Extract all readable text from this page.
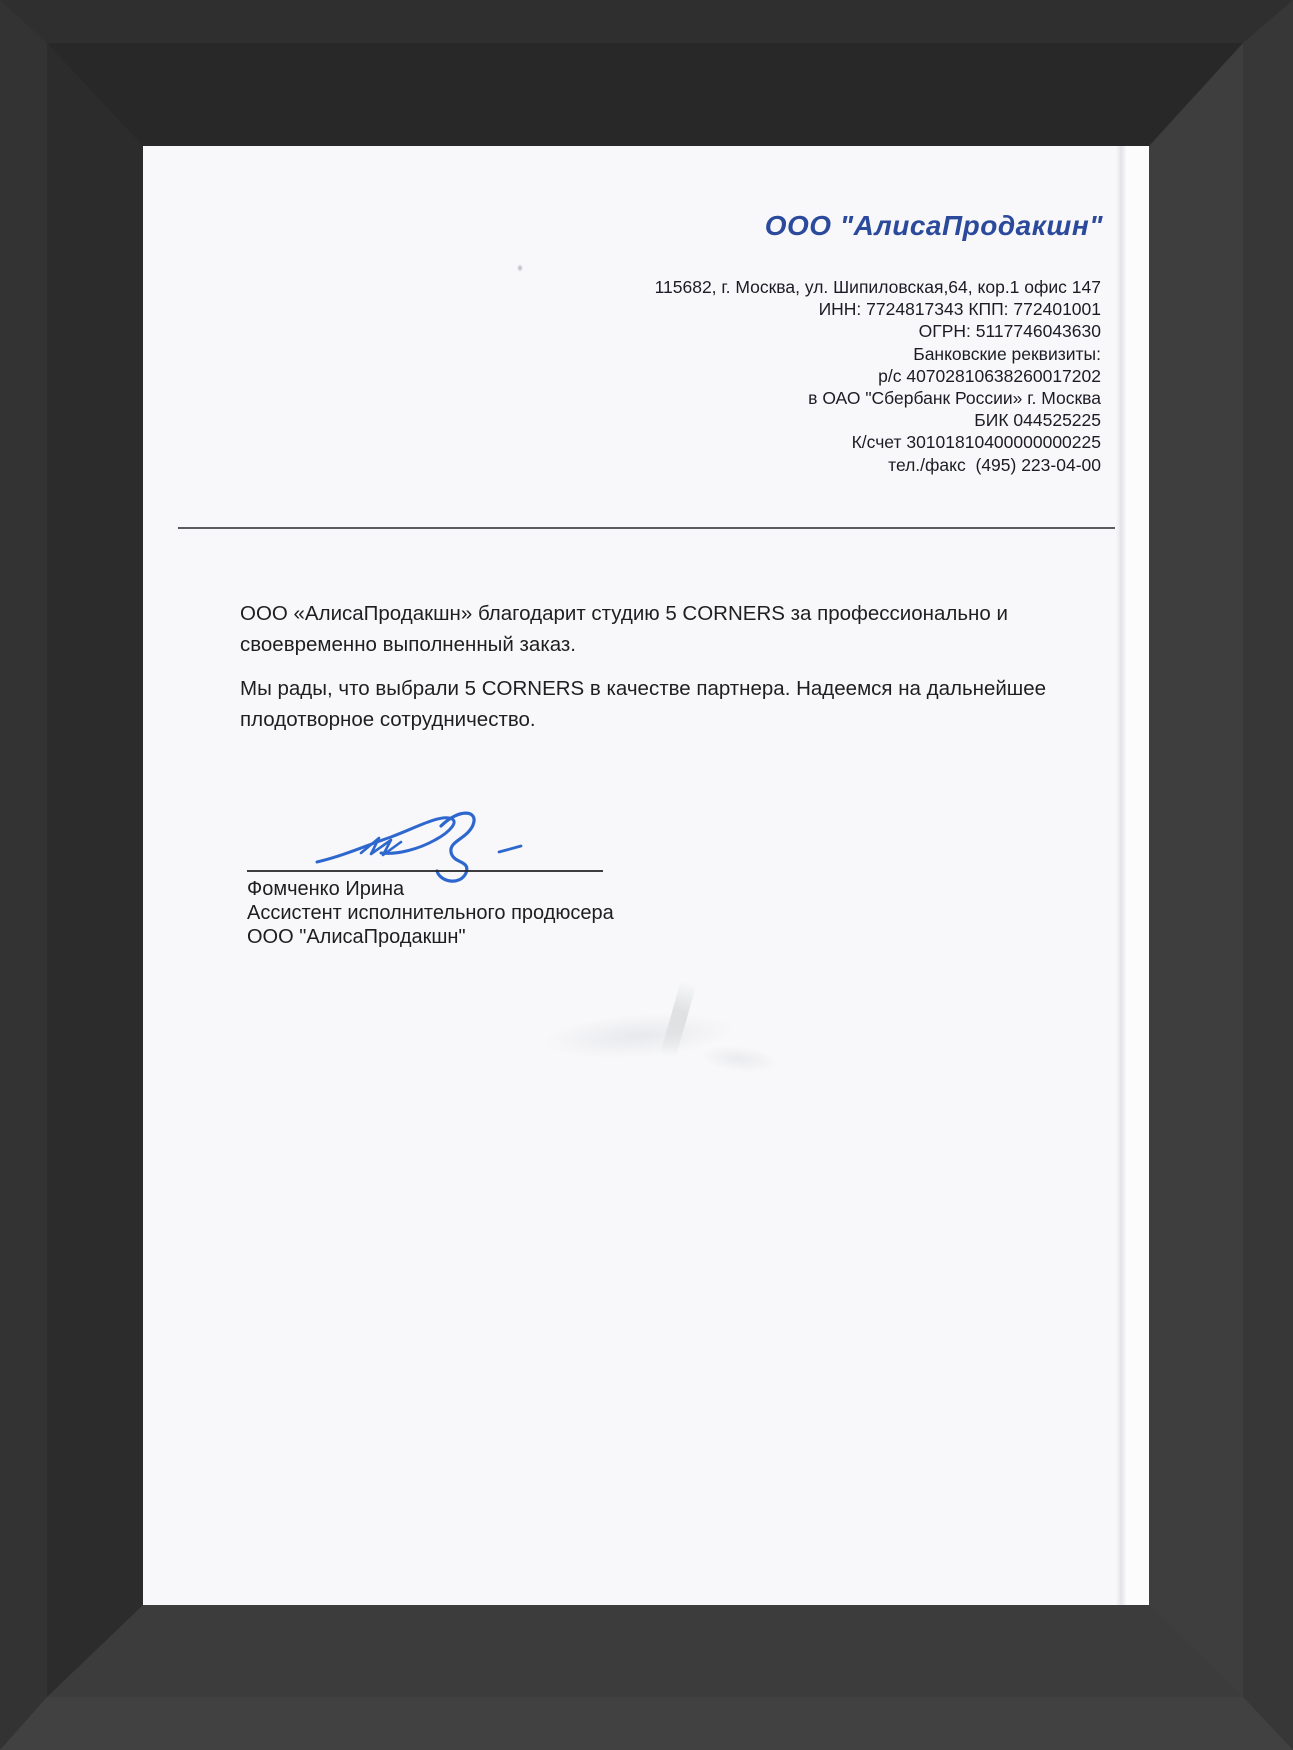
ООО "АлисаПродакшн"
115682, г. Москва, ул. Шипиловская,64, кор.1 офис 147
ИНН: 7724817343 КПП: 772401001
ОГРН: 5117746043630
Банковские реквизиты:
р/с 40702810638260017202
в ОАО "Сбербанк России» г. Москва
БИК 044525225
К/счет 30101810400000000225
тел./факс  (495) 223-04-00
ООО «АлисаПродакшн» благодарит студию 5 CORNERS за профессионально и
своевременно выполненный заказ.
Мы рады, что выбрали 5 CORNERS в качестве партнера. Надеемся на дальнейшее
плодотворное сотрудничество.
Фомченко Ирина
Ассистент исполнительного продюсера
ООО "АлисаПродакшн"
